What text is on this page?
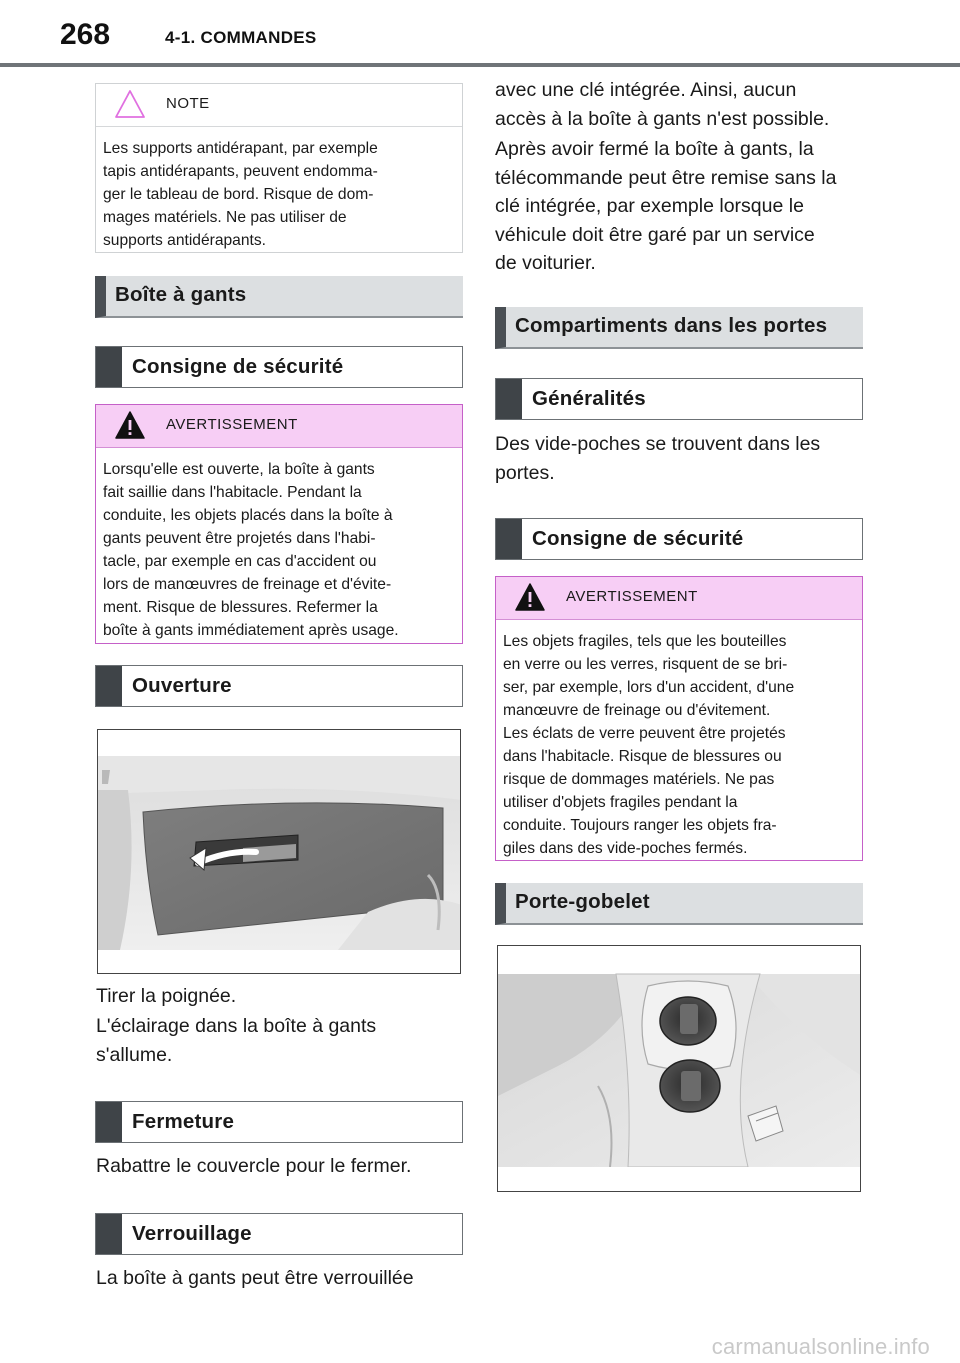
268	4-1. COMMANDES
NOTE
Les supports antidérapant, par exemple
tapis antidérapants, peuvent endomma-
ger le tableau de bord. Risque de dom-
mages matériels. Ne pas utiliser de
supports antidérapants.
Boîte à gants
Consigne de sécurité
AVERTISSEMENT
Lorsqu'elle est ouverte, la boîte à gants
fait saillie dans l'habitacle. Pendant la
conduite, les objets placés dans la boîte à
gants peuvent être projetés dans l'habi-
tacle, par exemple en cas d'accident ou
lors de manœuvres de freinage et d'évite-
ment. Risque de blessures. Refermer la
boîte à gants immédiatement après usage.
Ouverture
Tirer la poignée.
L'éclairage dans la boîte à gants
s'allume.
Fermeture
Rabattre le couvercle pour le fermer.
Verrouillage
La boîte à gants peut être verrouillée
avec une clé intégrée. Ainsi, aucun
accès à la boîte à gants n'est possible.
Après avoir fermé la boîte à gants, la
télécommande peut être remise sans la
clé intégrée, par exemple lorsque le
véhicule doit être garé par un service
de voiturier.
Compartiments dans les portes
Généralités
Des vide-poches se trouvent dans les
portes.
Consigne de sécurité
AVERTISSEMENT
Les objets fragiles, tels que les bouteilles
en verre ou les verres, risquent de se bri-
ser, par exemple, lors d'un accident, d'une
manœuvre de freinage ou d'évitement.
Les éclats de verre peuvent être projetés
dans l'habitacle. Risque de blessures ou
risque de dommages matériels. Ne pas
utiliser d'objets fragiles pendant la
conduite. Toujours ranger les objets fra-
giles dans des vide-poches fermés.
Porte-gobelet
carmanualsonline.info
